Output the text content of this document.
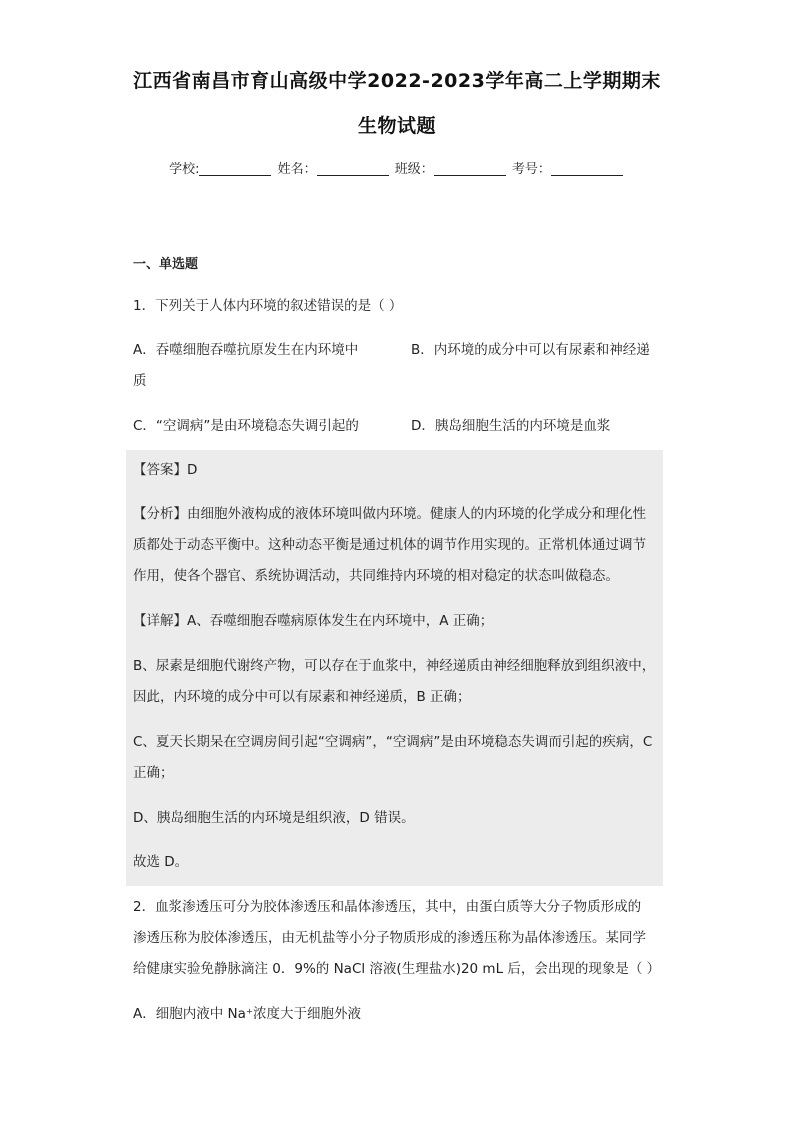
江西省南昌市育山高级中学2022-2023学年高二上学期期末
生物试题
学校:	姓名：	班级：	考号：
一、单选题
1．下列关于人体内环境的叙述错误的是（ ）
A．吞噬细胞吞噬抗原发生在内环境中	B．内环境的成分中可以有尿素和神经递
质
C．“空调病”是由环境稳态失调引起的	D．胰岛细胞生活的内环境是血浆
【答案】D
【分析】由细胞外液构成的液体环境叫做内环境。健康人的内环境的化学成分和理化性
质都处于动态平衡中。这种动态平衡是通过机体的调节作用实现的。正常机体通过调节
作用，使各个器官、系统协调活动，共同维持内环境的相对稳定的状态叫做稳态。
【详解】A、吞噬细胞吞噬病原体发生在内环境中，A 正确；
B、尿素是细胞代谢终产物，可以存在于血浆中，神经递质由神经细胞释放到组织液中，
因此，内环境的成分中可以有尿素和神经递质，B 正确；
C、夏天长期呆在空调房间引起“空调病”，“空调病”是由环境稳态失调而引起的疾病，C
正确；
D、胰岛细胞生活的内环境是组织液，D 错误。
故选 D。
2．血浆渗透压可分为胶体渗透压和晶体渗透压，其中，由蛋白质等大分子物质形成的
渗透压称为胶体渗透压，由无机盐等小分子物质形成的渗透压称为晶体渗透压。某同学
给健康实验免静脉滴注 0．9%的 NaCl 溶液(生理盐水)20 mL 后，会出现的现象是（ ）
A．细胞内液中 Na⁺浓度大于细胞外液
